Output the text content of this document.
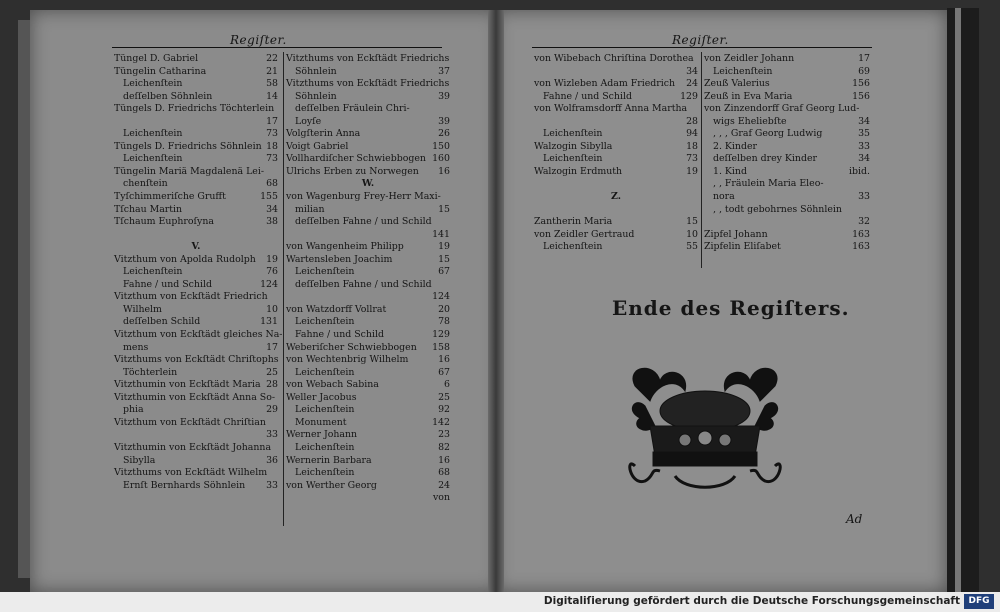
Regiſter.	Regiſter.
Tüngel D. Gabriel	22
Tüngelin Catharina	21
Leichenſtein	58
deſſelben Söhnlein	14
Tüngels D. Friedrichs Töchterlein
17
Leichenſtein	73
Tüngels D. Friedrichs Söhnlein 18
Leichenſtein	73
Tüngelin Mariä Magdalenä Lei-
chenſtein	68
Tyſchimmeriſche Grufft	155
Tſchau Martin	34
Tſchaum Euphroſyna	38
V.
Vitzthum von Apolda Rudolph 19
Leichenſtein	76
Fahne / und Schild	124
Vitzthum von Eckſtädt Friedrich
Wilhelm	10
deſſelben Schild	131
Vitzthum von Eckſtädt gleiches Na-
mens	17
Vitzthums von Eckſtädt Chriſtophs
Töchterlein	25
Vitzthumin von Eckſtädt Maria 28
Vitzthumin von Eckſtädt Anna So-
phia	29
Vitzthum von Eckſtädt Chriſtian
33
Vitzthumin von Eckſtädt Johanna
Sibylla	36
Vitzthums von Eckſtädt Wilhelm
Ernſt Bernhards Söhnlein 33
Vitzthums von Eckſtädt Friedrichs
Söhnlein	37
Vitzthums von Eckſtädt Friedrichs
Söhnlein	39
deſſelben Fräulein Chri-
Loyſe	39
Volgſterin Anna	26
Voigt Gabriel	150
Vollhardiſcher Schwiebbogen 160
Ulrichs Erben zu Norwegen 16
W.
von Wagenburg Frey-Herr Maxi-
milian	15
deſſelben Fahne / und Schild
141
von Wangenheim Philipp	19
Wartensleben Joachim	15
Leichenſtein	67
deſſelben Fahne / und Schild
124
von Watzdorff Vollrat	20
Leichenſtein	78
Fahne / und Schild	129
Weberiſcher Schwiebbogen 158
von Wechtenbrig Wilhelm	16
Leichenſtein	67
von Webach Sabina	6
Weller Jacobus	25
Leichenſtein	92
Monument	142
Werner Johann	23
Leichenſtein	82
Wernerin Barbara	16
Leichenſtein	68
von Werther Georg	24
von
von Wibebach Chriſtina Dorothea
34
von Wizleben Adam Friedrich 24
Fahne / und Schild	129
von Wolframsdorff Anna Martha
28
Leichenſtein	94
Walzogin Sibylla	18
Leichenſtein	73
Walzogin Erdmuth	19
Z.
Zantherin Maria	15
von Zeidler Gertraud	10
Leichenſtein	55
von Zeidler Johann	17
Leichenſtein	69
Zeuß Valerius	156
Zeuß in Eva Maria	156
von Zinzendorff Graf Georg Lud-
wigs Eheliebſte	34
‚ ‚ ‚ Graf Georg Ludwig	35
2. Kinder	33
deſſelben drey Kinder	34
1. Kind	ibid.
‚ ‚ Fräulein Maria Eleo-
nora	33
‚ ‚ todt gebohrnes Söhnlein
32
Zipfel Johann	163
Zipfelin Eliſabet	163
Ende des Regiſters.
Ad
Digitaliſierung gefördert durch die Deutsche Forschungsgemeinschaft DFG
